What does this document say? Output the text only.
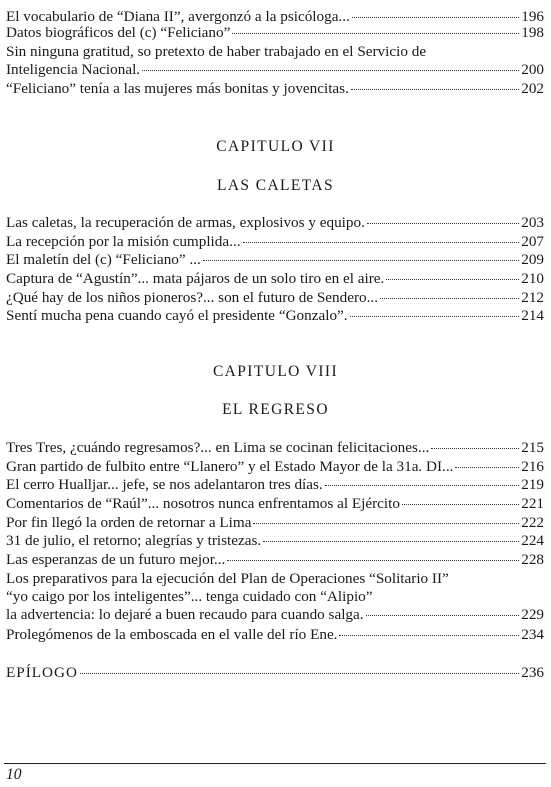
El vocabulario de “Diana II”, avergonzó a la psicóloga...	196
Datos biográficos del (c) “Feliciano”	198
Sin ninguna gratitud, so pretexto de haber trabajado en el Servicio de
Inteligencia Nacional.	200
“Feliciano” tenía a las mujeres más bonitas y jovencitas.	202
CAPITULO VII
LAS CALETAS
Las caletas, la recuperación de armas, explosivos y equipo.	203
La recepción por la misión cumplida...	207
El maletín del (c) “Feliciano” ...	209
Captura de “Agustín”... mata pájaros de un solo tiro en el aire.	210
¿Qué hay de los niños pioneros?... son el futuro de Sendero...	212
Sentí mucha pena cuando cayó el presidente “Gonzalo”.	214
CAPITULO VIII
EL REGRESO
Tres Tres, ¿cuándo regresamos?... en Lima se cocinan felicitaciones...	215
Gran partido de fulbito entre “Llanero” y el Estado Mayor de la 31a. DI...	216
El cerro Hualljar... jefe, se nos adelantaron tres días.	219
Comentarios de “Raúl”... nosotros nunca enfrentamos al Ejército	221
Por fin llegó la orden de retornar a Lima	222
31 de julio, el retorno; alegrías y tristezas.	224
Las esperanzas de un futuro mejor...	228
Los preparativos para la ejecución del Plan de Operaciones “Solitario II”
“yo caigo por los inteligentes”... tenga cuidado con “Alipio”
la advertencia: lo dejaré a buen recaudo para cuando salga.	229
Prolegómenos de la emboscada en el valle del río Ene.	234
EPÍLOGO	236
10
